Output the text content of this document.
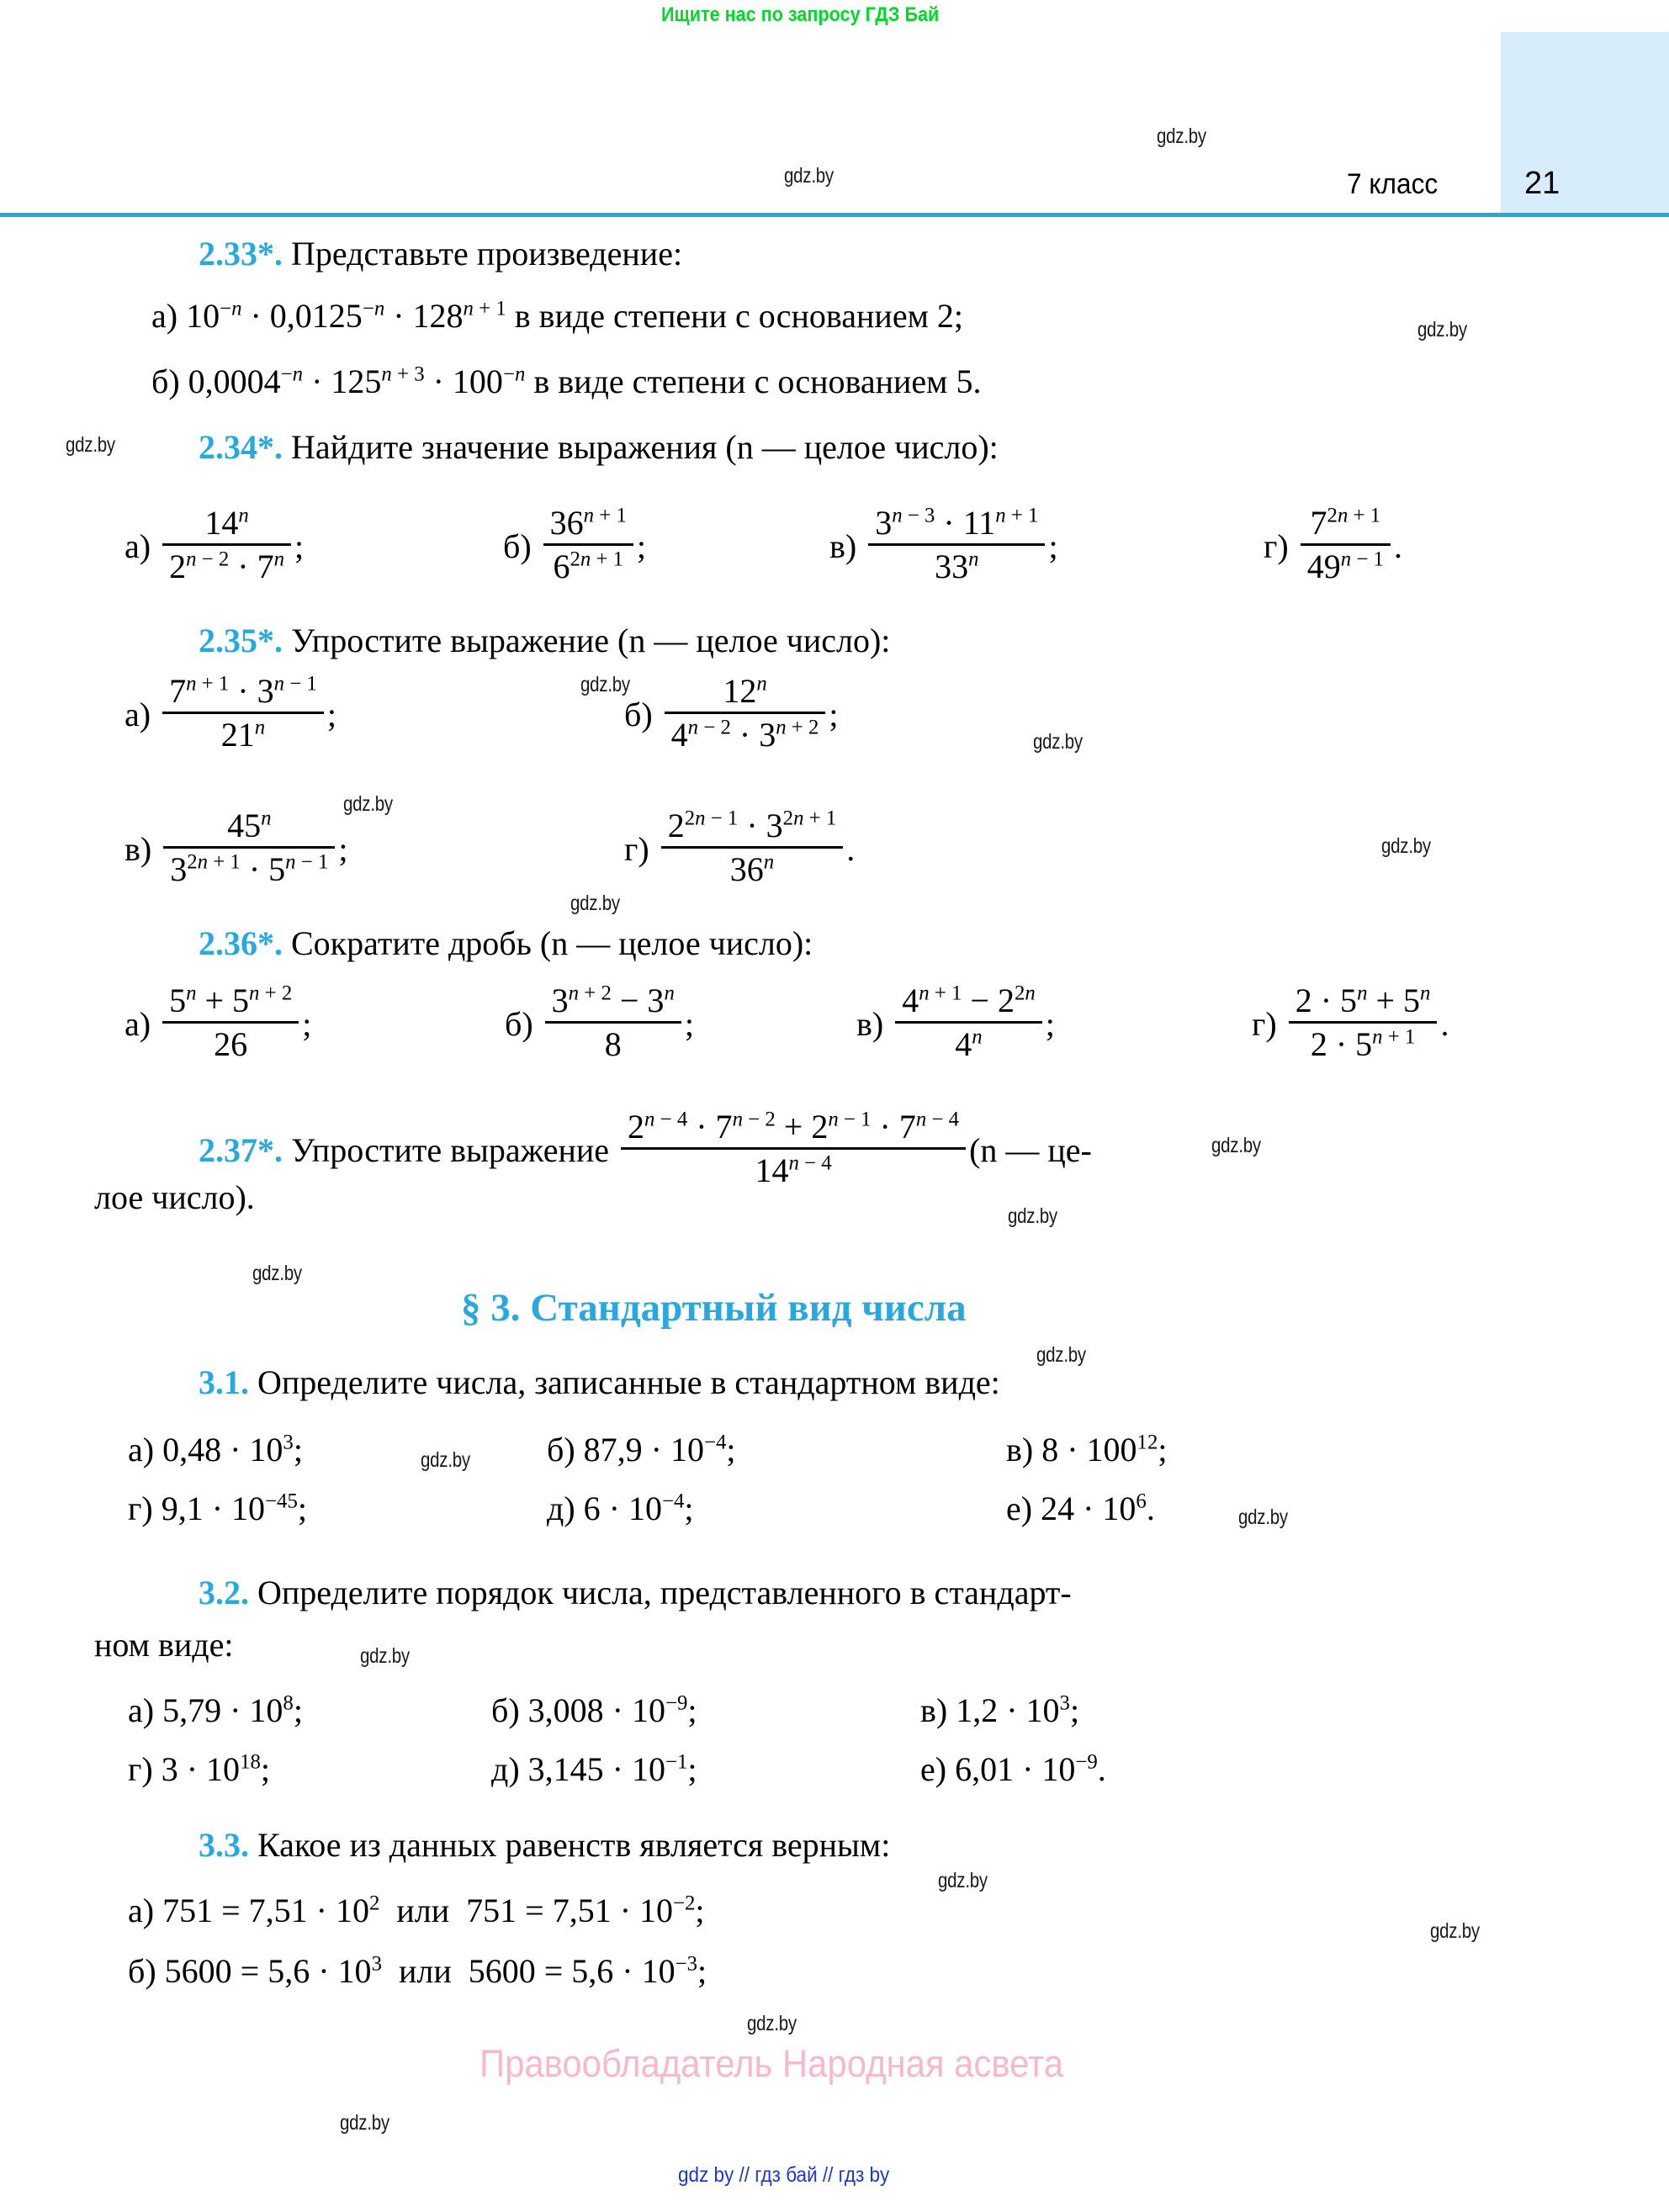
Ищите нас по запросу ГДЗ Бай
gdz.by
gdz.by
gdz.by
gdz.by
gdz.by
gdz.by
gdz.by
gdz.by
gdz.by
gdz.by
gdz.by
gdz.by
gdz.by
gdz.by
gdz.by
gdz.by
gdz.by
gdz.by
gdz.by
gdz.by
7 класс	21
2.33*. Представьте произведение:
а) $10^{-n} \cdot 0,0125^{-n} \cdot 128^{n + 1}$ в виде степени с основанием 2;
б) $0,0004^{-n} \cdot 125^{n + 3} \cdot 100^{-n}$ в виде степени с основанием 5.
2.34*. Найдите значение выражения (n — целое число):
$а) \frac{14^n}{2^{n - 2} \cdot 7^n}$ ;	$б) \frac{36^{n + 1}}{6^{2n + 1}}$ ;	$в) \frac{3^{n - 3} \cdot 11^{n + 1}}{33^n}$ ;	$г) \frac{7^{2n + 1}}{49^{n - 1}}$ .
2.35*. Упростите выражение (n — целое число):
$а) \frac{7^{n + 1} \cdot 3^{n - 1}}{21^n}$ ;	$б) \frac{12^n}{4^{n - 2} \cdot 3^{n + 2}}$ ;
$в) \frac{45^n}{3^{2n + 1} \cdot 5^{n - 1}}$ ;	$г) \frac{2^{2n - 1} \cdot 3^{2n + 1}}{36^n}$ .
2.36*. Сократите дробь (n — целое число):
$а) \frac{5^n + 5^{n + 2}}{26}$ ;	$б) \frac{3^{n + 2} - 3^n}{8}$ ;	$в) \frac{4^{n + 1} - 2^{2n}}{4^n}$ ;	$г) \frac{2 \cdot 5^n + 5^n}{2 \cdot 5^{n + 1}}$ .
2.37*. Упростите выражение $\frac{2^{n - 4} \cdot 7^{n - 2} + 2^{n - 1} \cdot 7^{n - 4}}{14^{n - 4}} (n$ — це-
лое число).
§ 3. Стандартный вид числа
3.1. Определите числа, записанные в стандартном виде:
а) $0,48 \cdot 10^3$;	б) $87,9 \cdot 10^{-4}$;	в) $8 \cdot 100^{12}$;
г) $9,1 \cdot 10^{-45}$;	д) $6 \cdot 10^{-4}$;	е) $24 \cdot 10^6$.
3.2. Определите порядок числа, представленного в стандарт-
ном виде:
а) $5,79 \cdot 10^8$;	б) $3,008 \cdot 10^{-9}$;	в) $1,2 \cdot 10^3$;
г) $3 \cdot 10^{18}$;	д) $3,145 \cdot 10^{-1}$;	е) $6,01 \cdot 10^{-9}$.
3.3. Какое из данных равенств является верным:
а) $751 = 7,51 \cdot 10^2$  или  $751 = 7,51 \cdot 10^{-2}$;
б) $5600 = 5,6 \cdot 10^3$  или  $5600 = 5,6 \cdot 10^{-3}$;
Правообладатель Народная асвета
gdz by // гдз бай // гдз by
